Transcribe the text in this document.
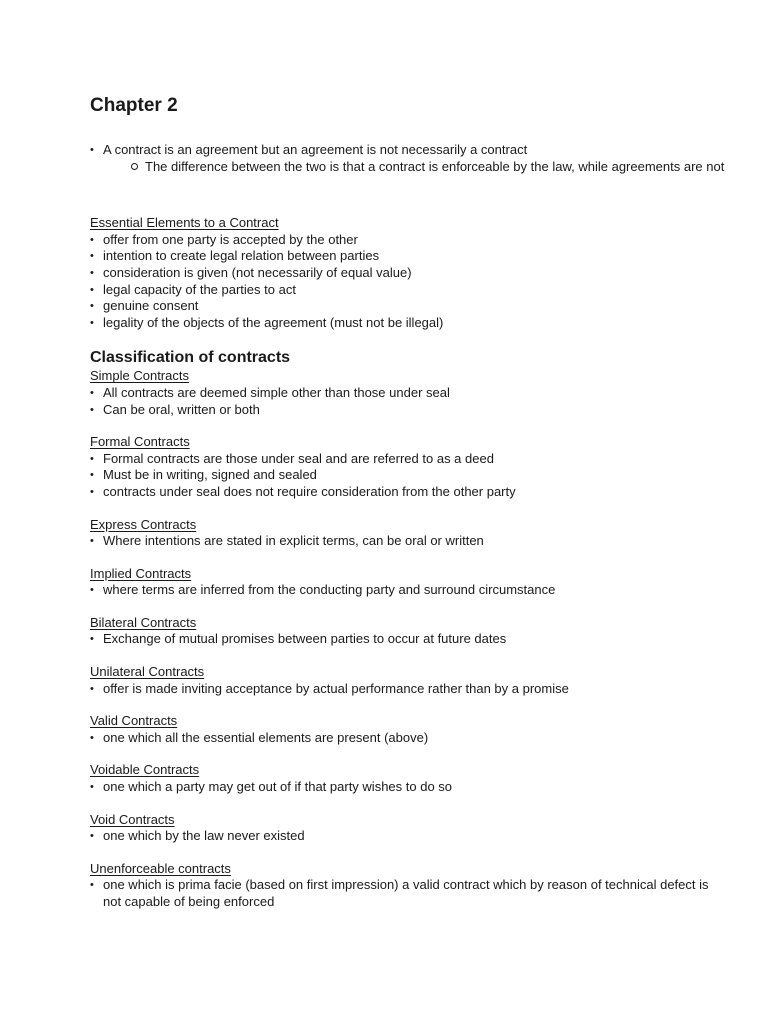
Chapter 2
• A contract is an agreement but an agreement is not necessarily a contract
The difference between the two is that a contract is enforceable by the law, while agreements are not
Essential Elements to a Contract
• offer from one party is accepted by the other
• intention to create legal relation between parties
• consideration is given (not necessarily of equal value)
• legal capacity of the parties to act
• genuine consent
• legality of the objects of the agreement (must not be illegal)
Classification of contracts
Simple Contracts
• All contracts are deemed simple other than those under seal
• Can be oral, written or both
Formal Contracts
• Formal contracts are those under seal and are referred to as a deed
• Must be in writing, signed and sealed
• contracts under seal does not require consideration from the other party
Express Contracts
• Where intentions are stated in explicit terms, can be oral or written
Implied Contracts
• where terms are inferred from the conducting party and surround circumstance
Bilateral Contracts
• Exchange of mutual promises between parties to occur at future dates
Unilateral Contracts
• offer is made inviting acceptance by actual performance rather than by a promise
Valid Contracts
• one which all the essential elements are present (above)
Voidable Contracts
• one which a party may get out of if that party wishes to do so
Void Contracts
• one which by the law never existed
Unenforceable contracts
• one which is prima facie (based on first impression) a valid contract which by reason of technical defect is not capable of being enforced
